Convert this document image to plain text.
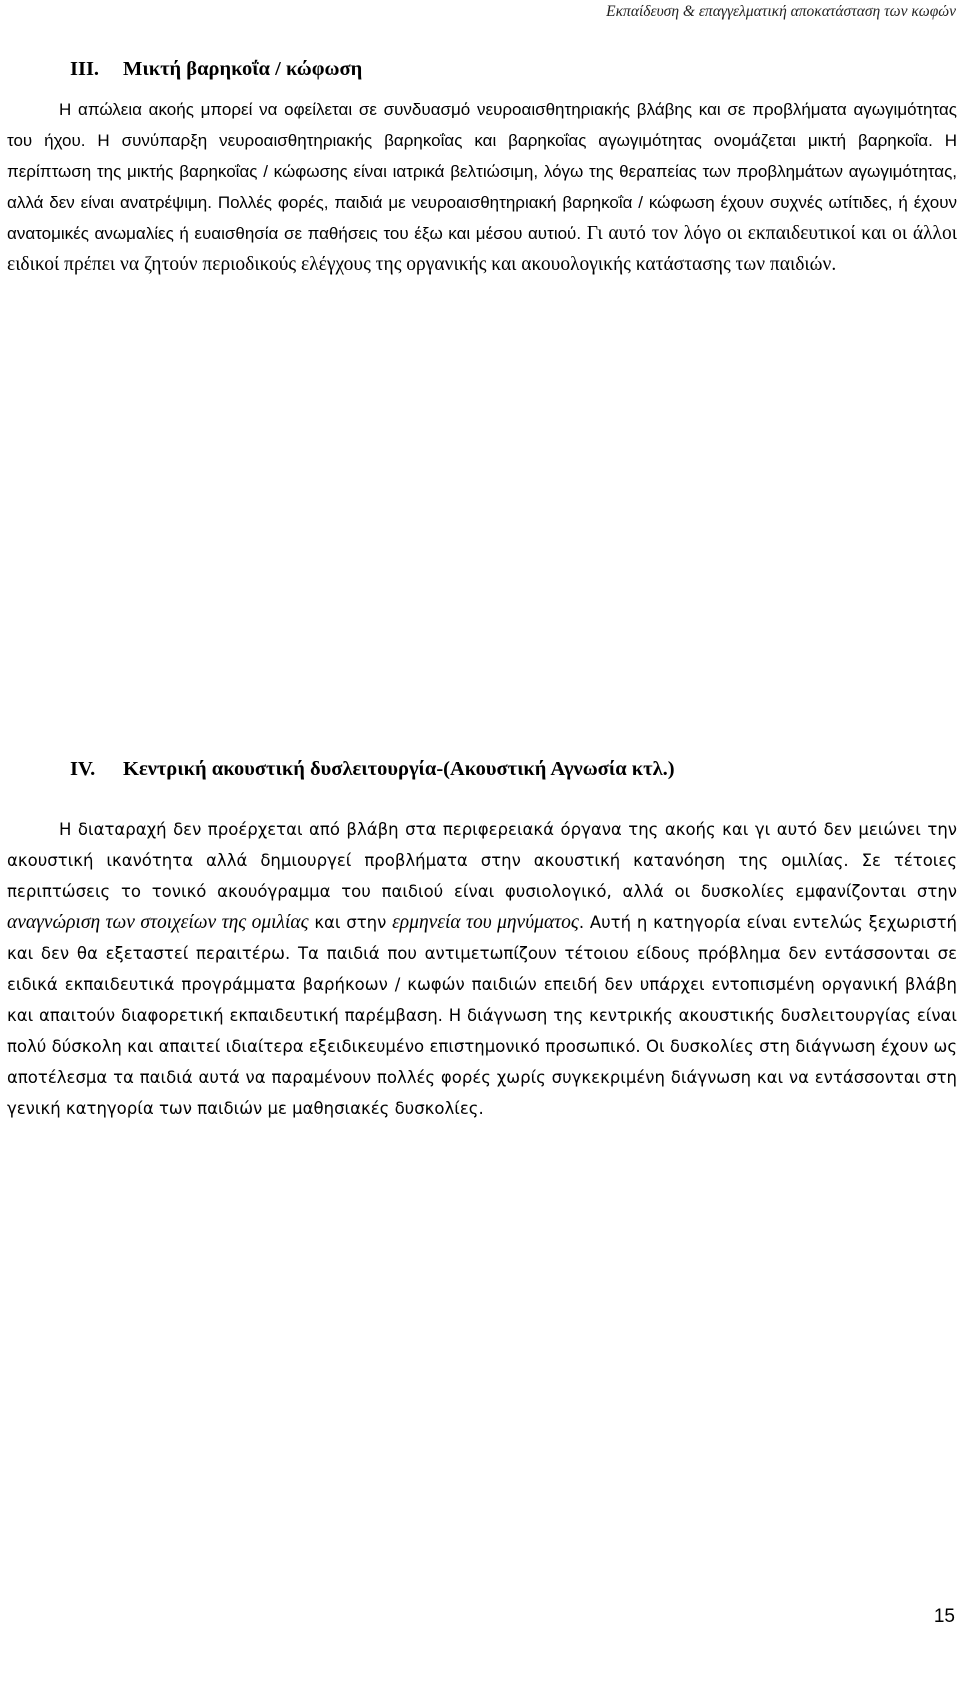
Εκπαίδευση & επαγγελματική αποκατάσταση των κωφών
III. Μικτή βαρηκοΐα / κώφωση

Η απώλεια ακοής μπορεί να οφείλεται σε συνδυασμό νευροαισθητηριακής βλάβης και σε προβλήματα αγωγιμότητας του ήχου. Η συνύπαρξη νευροαισθητηριακής βαρηκοΐας και βαρηκοΐας αγωγιμότητας ονομάζεται μικτή βαρηκοΐα. Η περίπτωση της μικτής βαρηκοΐας / κώφωσης είναι ιατρικά βελτιώσιμη, λόγω της θεραπείας των προβλημάτων αγωγιμότητας, αλλά δεν είναι ανατρέψιμη. Πολλές φορές, παιδιά με νευροαισθητηριακή βαρηκοΐα / κώφωση έχουν συχνές ωτίτιδες, ή έχουν ανατομικές ανωμαλίες ή ευαισθησία σε παθήσεις του έξω και μέσου αυτιού. Γι αυτό τον λόγο οι εκπαιδευτικοί και οι άλλοι ειδικοί πρέπει να ζητούν περιοδικούς ελέγχους της οργανικής και ακουολογικής κατάστασης των παιδιών.

IV. Κεντρική ακουστική δυσλειτουργία-(Ακουστική Αγνωσία κτλ.)

Η διαταραχή δεν προέρχεται από βλάβη στα περιφερειακά όργανα της ακοής και γι αυτό δεν μειώνει την ακουστική ικανότητα αλλά δημιουργεί προβλήματα στην ακουστική κατανόηση της ομιλίας. Σε τέτοιες περιπτώσεις το τονικό ακουόγραμμα του παιδιού είναι φυσιολογικό, αλλά οι δυσκολίες εμφανίζονται στην αναγνώριση των στοιχείων της ομιλίας και στην ερμηνεία του μηνύματος. Αυτή η κατηγορία είναι εντελώς ξεχωριστή και δεν θα εξεταστεί περαιτέρω. Τα παιδιά που αντιμετωπίζουν τέτοιου είδους πρόβλημα δεν εντάσσονται σε ειδικά εκπαιδευτικά προγράμματα βαρήκοων / κωφών παιδιών επειδή δεν υπάρχει εντοπισμένη οργανική βλάβη και απαιτούν διαφορετική εκπαιδευτική παρέμβαση. Η διάγνωση της κεντρικής ακουστικής δυσλειτουργίας είναι πολύ δύσκολη και απαιτεί ιδιαίτερα εξειδικευμένο επιστημονικό προσωπικό. Οι δυσκολίες στη διάγνωση έχουν ως αποτέλεσμα τα παιδιά αυτά να παραμένουν πολλές φορές χωρίς συγκεκριμένη διάγνωση και να εντάσσονται στη γενική κατηγορία των παιδιών με μαθησιακές δυσκολίες.

15
